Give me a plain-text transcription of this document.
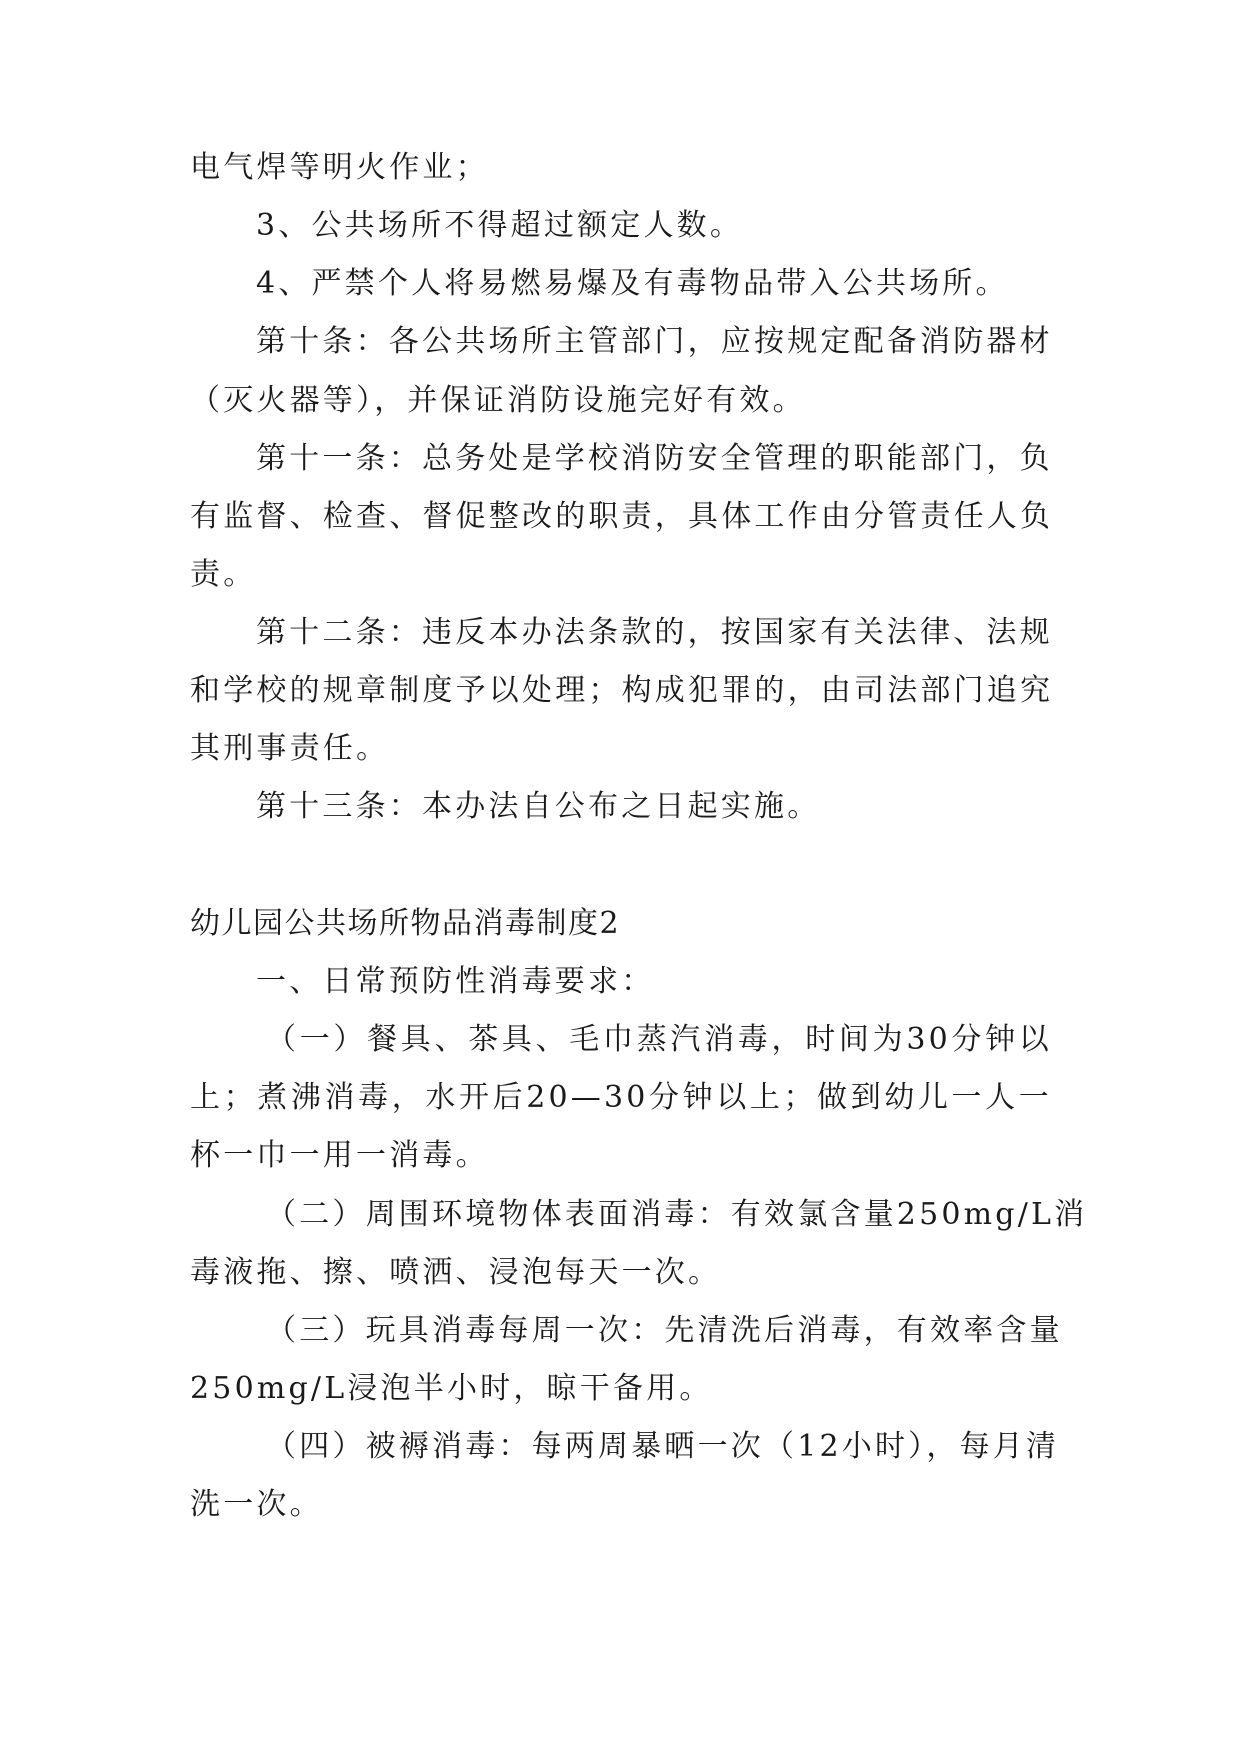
电气焊等明火作业；
3、公共场所不得超过额定人数。
4、严禁个人将易燃易爆及有毒物品带入公共场所。
第十条：各公共场所主管部门，应按规定配备消防器材
（灭火器等），并保证消防设施完好有效。
第十一条：总务处是学校消防安全管理的职能部门，负
有监督、检查、督促整改的职责，具体工作由分管责任人负
责。
第十二条：违反本办法条款的，按国家有关法律、法规
和学校的规章制度予以处理；构成犯罪的，由司法部门追究
其刑事责任。
第十三条：本办法自公布之日起实施。
幼儿园公共场所物品消毒制度2
一、日常预防性消毒要求：
（一）餐具、茶具、毛巾蒸汽消毒，时间为30分钟以
上；煮沸消毒，水开后20—30分钟以上；做到幼儿一人一
杯一巾一用一消毒。
（二）周围环境物体表面消毒：有效氯含量250mg/L消
毒液拖、擦、喷洒、浸泡每天一次。
（三）玩具消毒每周一次：先清洗后消毒，有效率含量
250mg/L浸泡半小时，晾干备用。
（四）被褥消毒：每两周暴晒一次（12小时），每月清
洗一次。
